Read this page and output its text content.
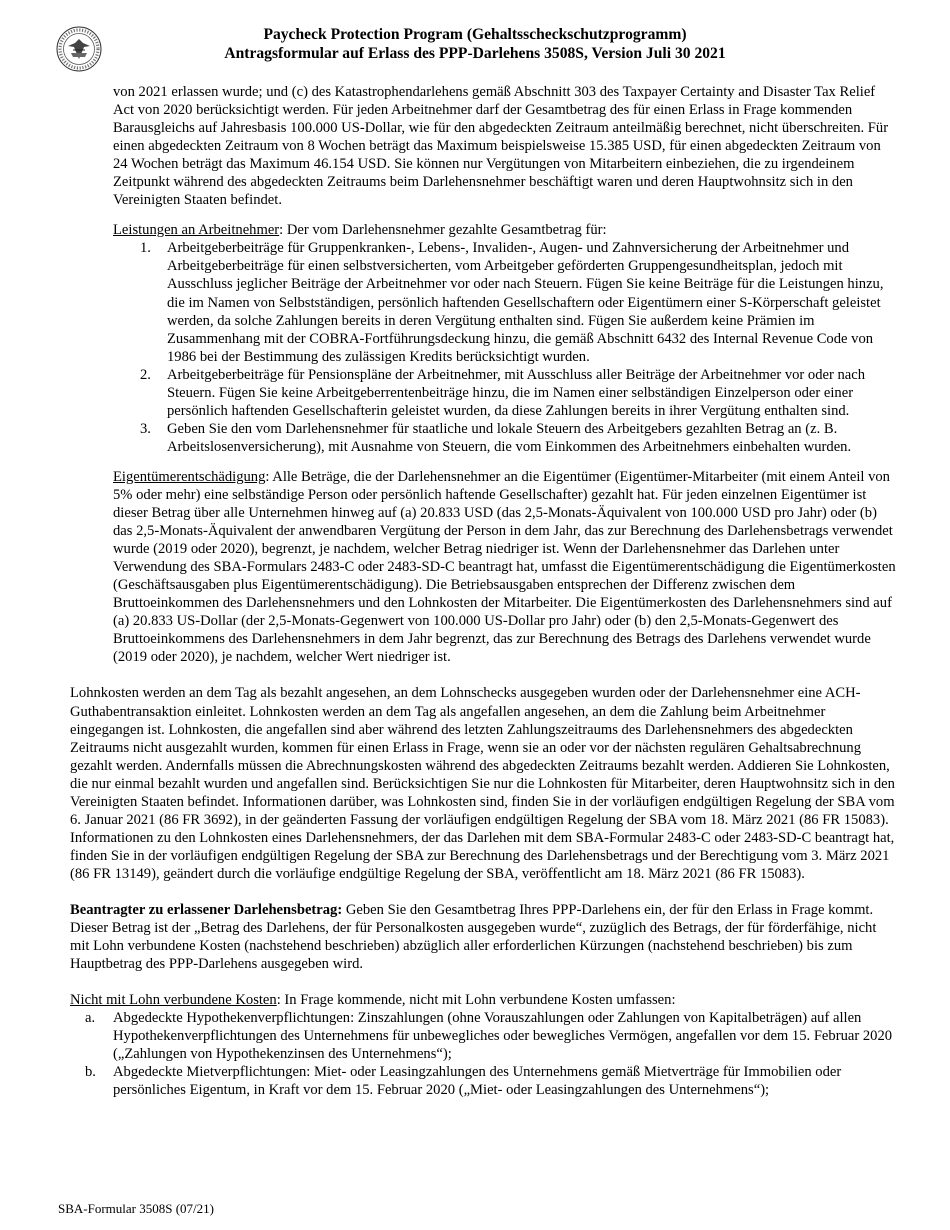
Paycheck Protection Program (Gehaltsscheckschutzprogramm)
Antragsformular auf Erlass des PPP-Darlehens 3508S, Version Juli 30 2021

von 2021 erlassen wurde; und (c) des Katastrophendarlehens gemäß Abschnitt 303 des Taxpayer Certainty and Disaster Tax Relief Act von 2020 berücksichtigt werden. Für jeden Arbeitnehmer darf der Gesamtbetrag des für einen Erlass in Frage kommenden Barausgleichs auf Jahresbasis 100.000 US-Dollar, wie für den abgedeckten Zeitraum anteilmäßig berechnet, nicht überschreiten. Für einen abgedeckten Zeitraum von 8 Wochen beträgt das Maximum beispielsweise 15.385 USD, für einen abgedeckten Zeitraum von 24 Wochen beträgt das Maximum 46.154 USD. Sie können nur Vergütungen von Mitarbeitern einbeziehen, die zu irgendeinem Zeitpunkt während des abgedeckten Zeitraums beim Darlehensnehmer beschäftigt waren und deren Hauptwohnsitz sich in den Vereinigten Staaten befindet.

Leistungen an Arbeitnehmer: Der vom Darlehensnehmer gezahlte Gesamtbetrag für:

1. Arbeitgeberbeiträge für Gruppenkranken-, Lebens-, Invaliden-, Augen- und Zahnversicherung der Arbeitnehmer und Arbeitgeberbeiträge für einen selbstversicherten, vom Arbeitgeber geförderten Gruppengesundheitsplan, jedoch mit Ausschluss jeglicher Beiträge der Arbeitnehmer vor oder nach Steuern. Fügen Sie keine Beiträge für die Leistungen hinzu, die im Namen von Selbstständigen, persönlich haftenden Gesellschaftern oder Eigentümern einer S-Körperschaft geleistet werden, da solche Zahlungen bereits in deren Vergütung enthalten sind. Fügen Sie außerdem keine Prämien im Zusammenhang mit der COBRA-Fortführungsdeckung hinzu, die gemäß Abschnitt 6432 des Internal Revenue Code von 1986 bei der Bestimmung des zulässigen Kredits berücksichtigt wurden.
2. Arbeitgeberbeiträge für Pensionspläne der Arbeitnehmer, mit Ausschluss aller Beiträge der Arbeitnehmer vor oder nach Steuern. Fügen Sie keine Arbeitgeberrentenbeiträge hinzu, die im Namen einer selbständigen Einzelperson oder einer persönlich haftenden Gesellschafterin geleistet wurden, da diese Zahlungen bereits in ihrer Vergütung enthalten sind.
3. Geben Sie den vom Darlehensnehmer für staatliche und lokale Steuern des Arbeitgebers gezahlten Betrag an (z. B. Arbeitslosenversicherung), mit Ausnahme von Steuern, die vom Einkommen des Arbeitnehmers einbehalten wurden.

Eigentümerentschädigung: Alle Beträge, die der Darlehensnehmer an die Eigentümer (Eigentümer-Mitarbeiter (mit einem Anteil von 5% oder mehr) eine selbständige Person oder persönlich haftende Gesellschafter) gezahlt hat. Für jeden einzelnen Eigentümer ist dieser Betrag über alle Unternehmen hinweg auf (a) 20.833 USD (das 2,5-Monats-Äquivalent von 100.000 USD pro Jahr) oder (b) das 2,5-Monats-Äquivalent der anwendbaren Vergütung der Person in dem Jahr, das zur Berechnung des Darlehensbetrags verwendet wurde (2019 oder 2020), begrenzt, je nachdem, welcher Betrag niedriger ist. Wenn der Darlehensnehmer das Darlehen unter Verwendung des SBA-Formulars 2483-C oder 2483-SD-C beantragt hat, umfasst die Eigentümerentschädigung die Eigentümerkosten (Geschäftsausgaben plus Eigentümerentschädigung). Die Betriebsausgaben entsprechen der Differenz zwischen dem Bruttoeinkommen des Darlehensnehmers und den Lohnkosten der Mitarbeiter. Die Eigentümerkosten des Darlehensnehmers sind auf (a) 20.833 US-Dollar (der 2,5-Monats-Gegenwert von 100.000 US-Dollar pro Jahr) oder (b) den 2,5-Monats-Gegenwert des Bruttoeinkommens des Darlehensnehmers in dem Jahr begrenzt, das zur Berechnung des Betrags des Darlehens verwendet wurde (2019 oder 2020), je nachdem, welcher Wert niedriger ist.

Lohnkosten werden an dem Tag als bezahlt angesehen, an dem Lohnschecks ausgegeben wurden oder der Darlehensnehmer eine ACH-Guthabentransaktion einleitet. Lohnkosten werden an dem Tag als angefallen angesehen, an dem die Zahlung beim Arbeitnehmer eingegangen ist. Lohnkosten, die angefallen sind aber während des letzten Zahlungszeitraums des Darlehensnehmers des abgedeckten Zeitraums nicht ausgezahlt wurden, kommen für einen Erlass in Frage, wenn sie an oder vor der nächsten regulären Gehaltsabrechnung gezahlt werden. Andernfalls müssen die Abrechnungskosten während des abgedeckten Zeitraums bezahlt werden. Addieren Sie Lohnkosten, die nur einmal bezahlt wurden und angefallen sind. Berücksichtigen Sie nur die Lohnkosten für Mitarbeiter, deren Hauptwohnsitz sich in den Vereinigten Staaten befindet. Informationen darüber, was Lohnkosten sind, finden Sie in der vorläufigen endgültigen Regelung der SBA vom 6. Januar 2021 (86 FR 3692), in der geänderten Fassung der vorläufigen endgültigen Regelung der SBA vom 18. März 2021 (86 FR 15083). Informationen zu den Lohnkosten eines Darlehensnehmers, der das Darlehen mit dem SBA-Formular 2483-C oder 2483-SD-C beantragt hat, finden Sie in der vorläufigen endgültigen Regelung der SBA zur Berechnung des Darlehensbetrags und der Berechtigung vom 3. März 2021 (86 FR 13149), geändert durch die vorläufige endgültige Regelung der SBA, veröffentlicht am 18. März 2021 (86 FR 15083).

Beantragter zu erlassener Darlehensbetrag: Geben Sie den Gesamtbetrag Ihres PPP-Darlehens ein, der für den Erlass in Frage kommt. Dieser Betrag ist der „Betrag des Darlehens, der für Personalkosten ausgegeben wurde“, zuzüglich des Betrags, der für förderfähige, nicht mit Lohn verbundene Kosten (nachstehend beschrieben) abzüglich aller erforderlichen Kürzungen (nachstehend beschrieben) bis zum Hauptbetrag des PPP-Darlehens ausgegeben wird.

Nicht mit Lohn verbundene Kosten: In Frage kommende, nicht mit Lohn verbundene Kosten umfassen:

a. Abgedeckte Hypothekenverpflichtungen: Zinszahlungen (ohne Vorauszahlungen oder Zahlungen von Kapitalbeträgen) auf allen Hypothekenverpflichtungen des Unternehmens für unbewegliches oder bewegliches Vermögen, angefallen vor dem 15. Februar 2020 („Zahlungen von Hypothekenzinsen des Unternehmens“);
b. Abgedeckte Mietverpflichtungen: Miet- oder Leasingzahlungen des Unternehmens gemäß Mietverträge für Immobilien oder persönliches Eigentum, in Kraft vor dem 15. Februar 2020 („Miet- oder Leasingzahlungen des Unternehmens“);
SBA-Formular 3508S (07/21)
